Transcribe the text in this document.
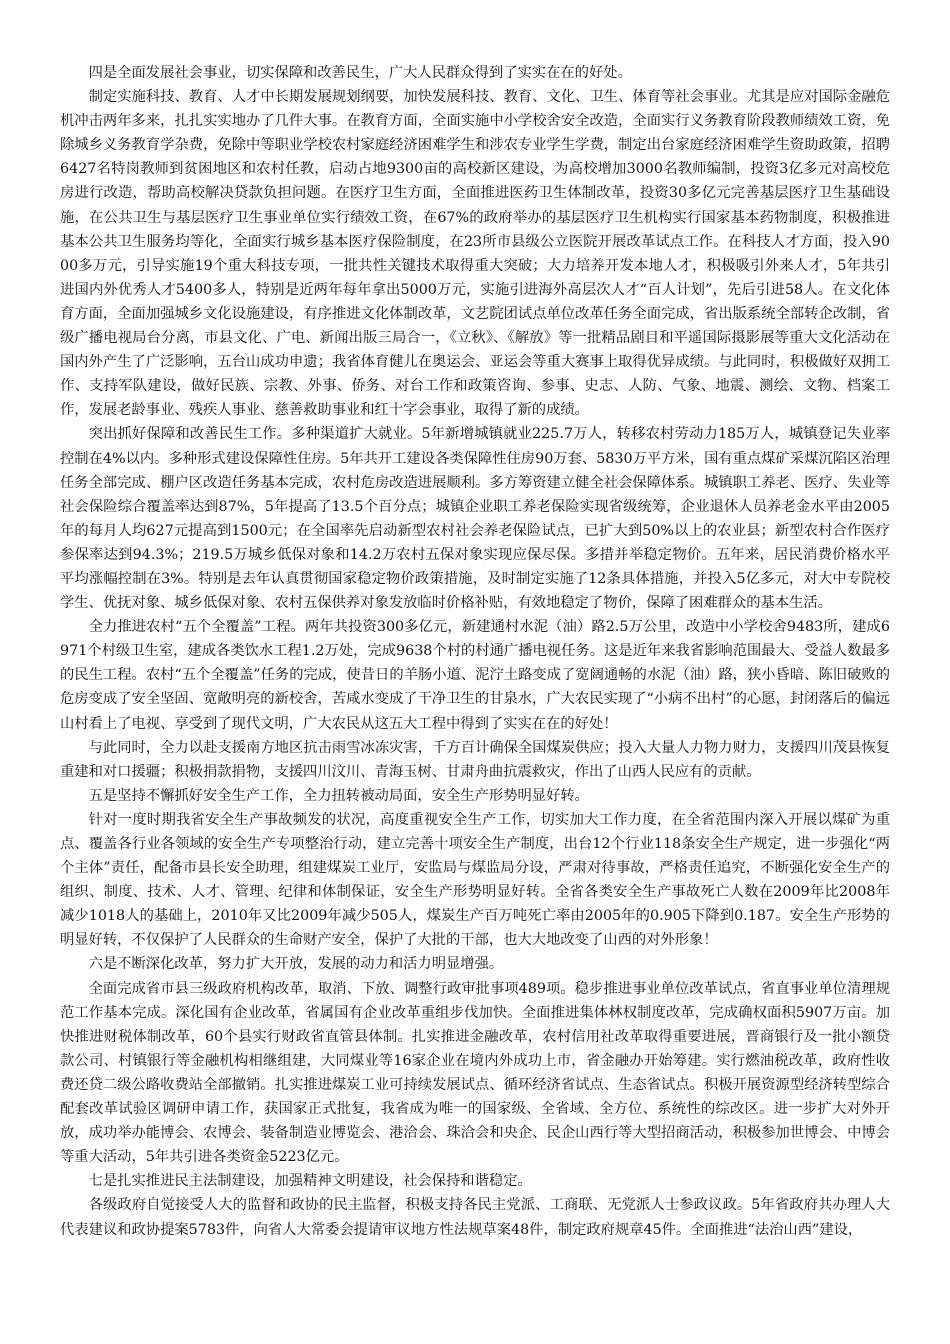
四是全面发展社会事业，切实保障和改善民生，广大人民群众得到了实实在在的好处。

制定实施科技、教育、人才中长期发展规划纲要，加快发展科技、教育、文化、卫生、体育等社会事业。尤其是应对国际金融危机冲击两年多来，扎扎实实地办了几件大事。在教育方面，全面实施中小学校舍安全改造，全面实行义务教育阶段教师绩效工资，免除城乡义务教育学杂费，免除中等职业学校农村家庭经济困难学生和涉农专业学生学费，制定出台家庭经济困难学生资助政策，招聘6427名特岗教师到贫困地区和农村任教，启动占地9300亩的高校新区建设，为高校增加3000名教师编制，投资3亿多元对高校危房进行改造，帮助高校解决贷款负担问题。在医疗卫生方面，全面推进医药卫生体制改革，投资30多亿元完善基层医疗卫生基础设施，在公共卫生与基层医疗卫生事业单位实行绩效工资，在67%的政府举办的基层医疗卫生机构实行国家基本药物制度，积极推进基本公共卫生服务均等化，全面实行城乡基本医疗保险制度，在23所市县级公立医院开展改革试点工作。在科技人才方面，投入9000多万元，引导实施19个重大科技专项，一批共性关键技术取得重大突破；大力培养开发本地人才，积极吸引外来人才，5年共引进国内外优秀人才5400多人，特别是近两年每年拿出5000万元，实施引进海外高层次人才“百人计划”，先后引进58人。在文化体育方面，全面加强城乡文化设施建设，有序推进文化体制改革，文艺院团试点单位改革任务全面完成，省出版系统全部转企改制，省级广播电视局台分离，市县文化、广电、新闻出版三局合一，《立秋》、《解放》等一批精品剧目和平遥国际摄影展等重大文化活动在国内外产生了广泛影响，五台山成功申遗；我省体育健儿在奥运会、亚运会等重大赛事上取得优异成绩。与此同时，积极做好双拥工作、支持军队建设，做好民族、宗教、外事、侨务、对台工作和政策咨询、参事、史志、人防、气象、地震、测绘、文物、档案工作，发展老龄事业、残疾人事业、慈善救助事业和红十字会事业，取得了新的成绩。

突出抓好保障和改善民生工作。多种渠道扩大就业。5年新增城镇就业225.7万人，转移农村劳动力185万人，城镇登记失业率控制在4%以内。多种形式建设保障性住房。5年共开工建设各类保障性住房90万套、5830万平方米，国有重点煤矿采煤沉陷区治理任务全部完成、棚户区改造任务基本完成，农村危房改造进展顺利。多方筹资建立健全社会保障体系。城镇职工养老、医疗、失业等社会保险综合覆盖率达到87%，5年提高了13.5个百分点；城镇企业职工养老保险实现省级统筹，企业退休人员养老金水平由2005年的每月人均627元提高到1500元；在全国率先启动新型农村社会养老保险试点，已扩大到50%以上的农业县；新型农村合作医疗参保率达到94.3%；219.5万城乡低保对象和14.2万农村五保对象实现应保尽保。多措并举稳定物价。五年来，居民消费价格水平平均涨幅控制在3%。特别是去年认真贯彻国家稳定物价政策措施，及时制定实施了12条具体措施，并投入5亿多元，对大中专院校学生、优抚对象、城乡低保对象、农村五保供养对象发放临时价格补贴，有效地稳定了物价，保障了困难群众的基本生活。

全力推进农村“五个全覆盖”工程。两年共投资300多亿元，新建通村水泥（油）路2.5万公里，改造中小学校舍9483所，建成6971个村级卫生室，建成各类饮水工程1.2万处，完成9638个村的村通广播电视任务。这是近年来我省影响范围最大、受益人数最多的民生工程。农村“五个全覆盖”任务的完成，使昔日的羊肠小道、泥泞土路变成了宽阔通畅的水泥（油）路，狭小昏暗、陈旧破败的危房变成了安全坚固、宽敞明亮的新校舍，苦咸水变成了干净卫生的甘泉水，广大农民实现了“小病不出村”的心愿，封闭落后的偏远山村看上了电视、享受到了现代文明，广大农民从这五大工程中得到了实实在在的好处！

与此同时，全力以赴支援南方地区抗击雨雪冰冻灾害，千方百计确保全国煤炭供应；投入大量人力物力财力，支援四川茂县恢复重建和对口援疆；积极捐款捐物，支援四川汶川、青海玉树、甘肃舟曲抗震救灾，作出了山西人民应有的贡献。

五是坚持不懈抓好安全生产工作，全力扭转被动局面，安全生产形势明显好转。

针对一度时期我省安全生产事故频发的状况，高度重视安全生产工作，切实加大工作力度，在全省范围内深入开展以煤矿为重点、覆盖各行业各领域的安全生产专项整治行动，建立完善十项安全生产制度，出台12个行业118条安全生产规定，进一步强化“两个主体”责任，配备市县长安全助理，组建煤炭工业厅，安监局与煤监局分设，严肃对待事故，严格责任追究，不断强化安全生产的组织、制度、技术、人才、管理、纪律和体制保证，安全生产形势明显好转。全省各类安全生产事故死亡人数在2009年比2008年减少1018人的基础上，2010年又比2009年减少505人，煤炭生产百万吨死亡率由2005年的0.905下降到0.187。安全生产形势的明显好转，不仅保护了人民群众的生命财产安全，保护了大批的干部，也大大地改变了山西的对外形象！

六是不断深化改革，努力扩大开放，发展的动力和活力明显增强。

全面完成省市县三级政府机构改革，取消、下放、调整行政审批事项489项。稳步推进事业单位改革试点，省直事业单位清理规范工作基本完成。深化国有企业改革，省属国有企业改革重组步伐加快。全面推进集体林权制度改革，完成确权面积5907万亩。加快推进财税体制改革，60个县实行财政省直管县体制。扎实推进金融改革，农村信用社改革取得重要进展，晋商银行及一批小额贷款公司、村镇银行等金融机构相继组建，大同煤业等16家企业在境内外成功上市，省金融办开始筹建。实行燃油税改革，政府性收费还贷二级公路收费站全部撤销。扎实推进煤炭工业可持续发展试点、循环经济省试点、生态省试点。积极开展资源型经济转型综合配套改革试验区调研申请工作，获国家正式批复，我省成为唯一的国家级、全省域、全方位、系统性的综改区。进一步扩大对外开放，成功举办能博会、农博会、装备制造业博览会、港洽会、珠洽会和央企、民企山西行等大型招商活动，积极参加世博会、中博会等重大活动，5年共引进各类资金5223亿元。

七是扎实推进民主法制建设，加强精神文明建设，社会保持和谐稳定。

各级政府自觉接受人大的监督和政协的民主监督，积极支持各民主党派、工商联、无党派人士参政议政。5年省政府共办理人大代表建议和政协提案5783件，向省人大常委会提请审议地方性法规草案48件，制定政府规章45件。全面推进“法治山西”建设，
